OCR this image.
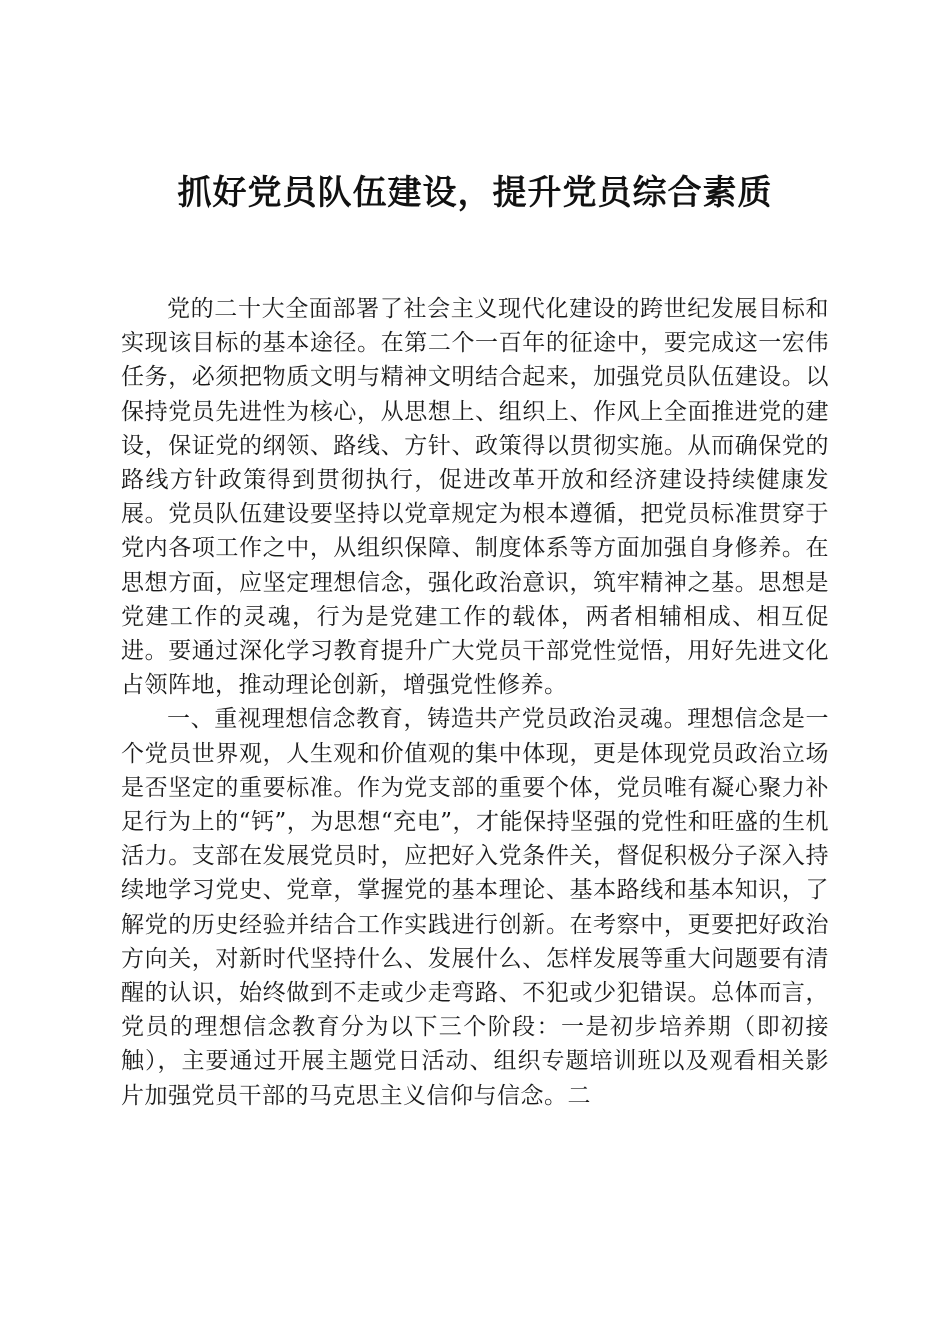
抓好党员队伍建设，提升党员综合素质

党的二十大全面部署了社会主义现代化建设的跨世纪发展目标和实现该目标的基本途径。在第二个一百年的征途中，要完成这一宏伟任务，必须把物质文明与精神文明结合起来，加强党员队伍建设。以保持党员先进性为核心，从思想上、组织上、作风上全面推进党的建设，保证党的纲领、路线、方针、政策得以贯彻实施。从而确保党的路线方针政策得到贯彻执行，促进改革开放和经济建设持续健康发展。党员队伍建设要坚持以党章规定为根本遵循，把党员标准贯穿于党内各项工作之中，从组织保障、制度体系等方面加强自身修养。在思想方面，应坚定理想信念，强化政治意识，筑牢精神之基。思想是党建工作的灵魂，行为是党建工作的载体，两者相辅相成、相互促进。要通过深化学习教育提升广大党员干部党性觉悟，用好先进文化占领阵地，推动理论创新，增强党性修养。

一、重视理想信念教育，铸造共产党员政治灵魂。理想信念是一个党员世界观，人生观和价值观的集中体现，更是体现党员政治立场是否坚定的重要标准。作为党支部的重要个体，党员唯有凝心聚力补足行为上的“钙”，为思想“充电”，才能保持坚强的党性和旺盛的生机活力。支部在发展党员时，应把好入党条件关，督促积极分子深入持续地学习党史、党章，掌握党的基本理论、基本路线和基本知识，了解党的历史经验并结合工作实践进行创新。在考察中，更要把好政治方向关，对新时代坚持什么、发展什么、怎样发展等重大问题要有清醒的认识，始终做到不走或少走弯路、不犯或少犯错误。总体而言，党员的理想信念教育分为以下三个阶段：一是初步培养期（即初接触），主要通过开展主题党日活动、组织专题培训班以及观看相关影片加强党员干部的马克思主义信仰与信念。二
